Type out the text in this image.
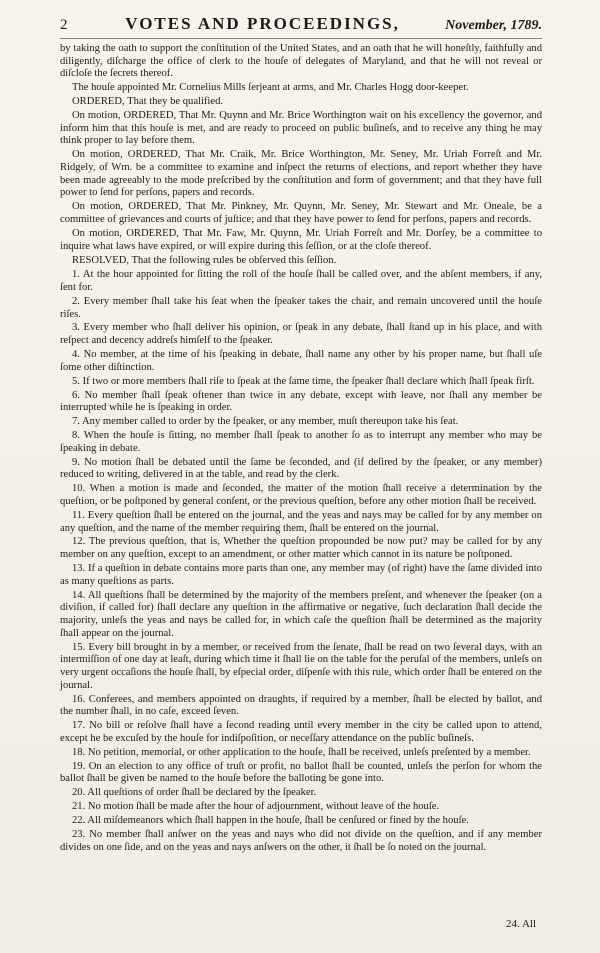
2	VOTES AND PROCEEDINGS,	November, 1789.

by taking the oath to support the conſtitution of the United States, and an oath that he will honeſtly, faithfully and diligently, diſcharge the office of clerk to the houſe of delegates of Maryland, and that he will not reveal or diſcloſe the ſecrets thereof.

The houſe appointed Mr. Cornelius Mills ſerjeant at arms, and Mr. Charles Hogg door-keeper.

ORDERED, That they be qualified.

On motion, ORDERED, That Mr. Quynn and Mr. Brice Worthington wait on his excellency the governor, and inform him that this houſe is met, and are ready to proceed on public buſineſs, and to receive any thing he may think proper to lay before them.

On motion, ORDERED, That Mr. Craik, Mr. Brice Worthington, Mr. Seney, Mr. Uriah Forreſt and Mr. Ridgely, of Wm. be a committee to examine and inſpect the returns of elections, and report whether they have been made agreeably to the mode preſcribed by the conſtitution and form of government; and that they have full power to ſend for perſons, papers and records.

On motion, ORDERED, That Mr. Pinkney, Mr. Quynn, Mr. Seney, Mr. Stewart and Mr. Oneale, be a committee of grievances and courts of juſtice; and that they have power to ſend for perſons, papers and records.

On motion, ORDERED, That Mr. Faw, Mr. Quynn, Mr. Uriah Forreſt and Mr. Dorſey, be a committee to inquire what laws have expired, or will expire during this ſeſſion, or at the cloſe thereof.

RESOLVED, That the following rules be obſerved this ſeſſion.

1. At the hour appointed for ſitting the roll of the houſe ſhall be called over, and the abſent members, if any, ſent for.

2. Every member ſhall take his ſeat when the ſpeaker takes the chair, and remain uncovered until the houſe riſes.

3. Every member who ſhall deliver his opinion, or ſpeak in any debate, ſhall ſtand up in his place, and with reſpect and decency addreſs himſelf to the ſpeaker.

4. No member, at the time of his ſpeaking in debate, ſhall name any other by his proper name, but ſhall uſe ſome other diſtinction.

5. If two or more members ſhall riſe to ſpeak at the ſame time, the ſpeaker ſhall declare which ſhall ſpeak firſt.

6. No member ſhall ſpeak oftener than twice in any debate, except with leave, nor ſhall any member be interrupted while he is ſpeaking in order.

7. Any member called to order by the ſpeaker, or any member, muſt thereupon take his ſeat.

8. When the houſe is ſitting, no member ſhall ſpeak to another ſo as to interrupt any member who may be ſpeaking in debate.

9. No motion ſhall be debated until the ſame be ſeconded, and (if deſired by the ſpeaker, or any member) reduced to writing, delivered in at the table, and read by the clerk.

10. When a motion is made and ſeconded, the matter of the motion ſhall receive a determination by the queſtion, or be poſtponed by general conſent, or the previous queſtion, before any other motion ſhall be received.

11. Every queſtion ſhall be entered on the journal, and the yeas and nays may be called for by any member on any queſtion, and the name of the member requiring them, ſhall be entered on the journal.

12. The previous queſtion, that is, Whether the queſtion propounded be now put? may be called for by any member on any queſtion, except to an amendment, or other matter which cannot in its nature be poſtponed.

13. If a queſtion in debate contains more parts than one, any member may (of right) have the ſame divided into as many queſtions as parts.

14. All queſtions ſhall be determined by the majority of the members preſent, and whenever the ſpeaker (on a diviſion, if called for) ſhall declare any queſtion in the affirmative or negative, ſuch declaration ſhall decide the majority, unleſs the yeas and nays be called for, in which caſe the queſtion ſhall be determined as the majority ſhall appear on the journal.

15. Every bill brought in by a member, or received from the ſenate, ſhall be read on two ſeveral days, with an intermiſſion of one day at leaſt, during which time it ſhall lie on the table for the peruſal of the members, unleſs on very urgent occaſions the houſe ſhall, by eſpecial order, diſpenſe with this rule, which order ſhall be entered on the journal.

16. Conferees, and members appointed on draughts, if required by a member, ſhall be elected by ballot, and the number ſhall, in no caſe, exceed ſeven.

17. No bill or reſolve ſhall have a ſecond reading until every member in the city be called upon to attend, except he be excuſed by the houſe for indiſpoſition, or neceſſary attendance on the public buſineſs.

18. No petition, memorial, or other application to the houſe, ſhall be received, unleſs preſented by a member.

19. On an election to any office of truſt or profit, no ballot ſhall be counted, unleſs the perſon for whom the ballot ſhall be given be named to the houſe before the balloting be gone into.

20. All queſtions of order ſhall be declared by the ſpeaker.

21. No motion ſhall be made after the hour of adjournment, without leave of the houſe.

22. All miſdemeanors which ſhall happen in the houſe, ſhall be cenſured or fined by the houſe.

23. No member ſhall anſwer on the yeas and nays who did not divide on the queſtion, and if any member divides on one ſide, and on the yeas and nays anſwers on the other, it ſhall be ſo noted on the journal.

24. All
